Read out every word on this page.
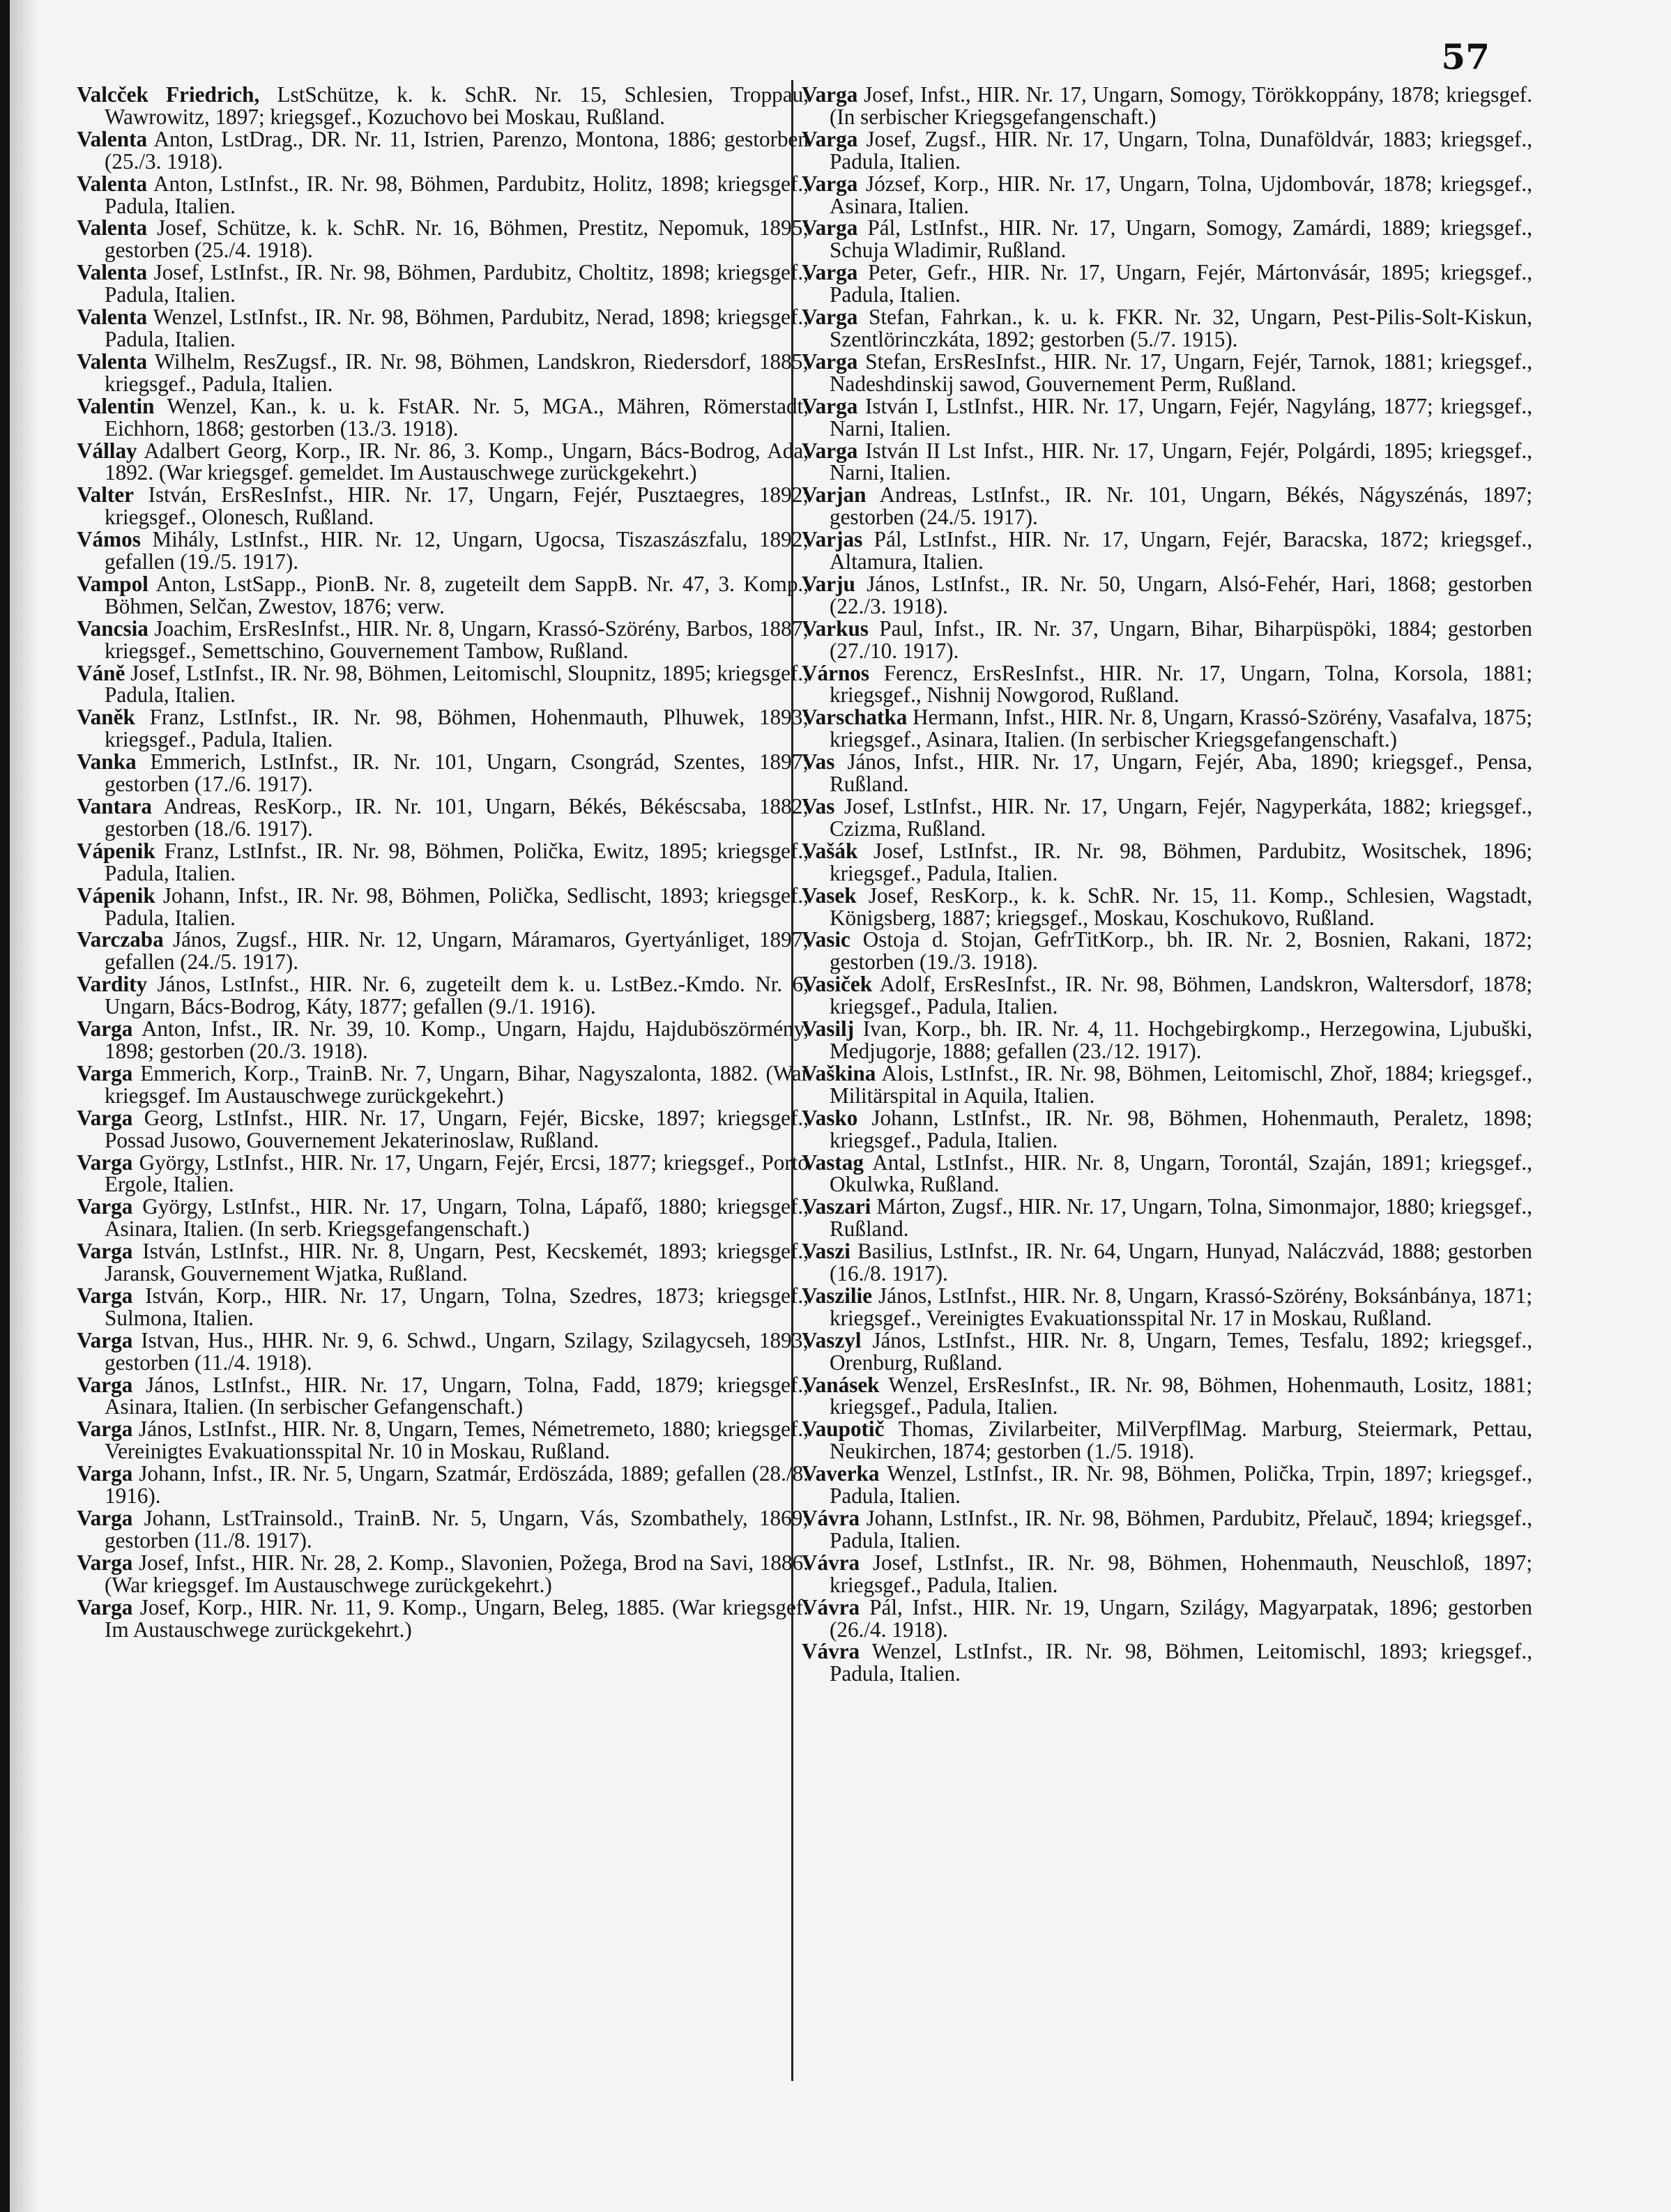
57

Valcček Friedrich, LstSchütze, k. k. SchR. Nr. 15, Schlesien, Troppau, Wawrowitz, 1897; kriegsgef., Kozuchovo bei Moskau, Rußland.

Valenta Anton, LstDrag., DR. Nr. 11, Istrien, Parenzo, Montona, 1886; gestorben (25./3. 1918).

Valenta Anton, LstInfst., IR. Nr. 98, Böhmen, Pardubitz, Holitz, 1898; kriegsgef., Padula, Italien.

Valenta Josef, Schütze, k. k. SchR. Nr. 16, Böhmen, Prestitz, Nepomuk, 1895; gestorben (25./4. 1918).

Valenta Josef, LstInfst., IR. Nr. 98, Böhmen, Pardubitz, Choltitz, 1898; kriegsgef., Padula, Italien.

Valenta Wenzel, LstInfst., IR. Nr. 98, Böhmen, Pardubitz, Nerad, 1898; kriegsgef., Padula, Italien.

Valenta Wilhelm, ResZugsf., IR. Nr. 98, Böhmen, Landskron, Riedersdorf, 1885; kriegsgef., Padula, Italien.

Valentin Wenzel, Kan., k. u. k. FstAR. Nr. 5, MGA., Mähren, Römerstadt, Eichhorn, 1868; gestorben (13./3. 1918).

Vállay Adalbert Georg, Korp., IR. Nr. 86, 3. Komp., Ungarn, Bács-Bodrog, Ada, 1892. (War kriegsgef. gemeldet. Im Austauschwege zurückgekehrt.)

Valter István, ErsResInfst., HIR. Nr. 17, Ungarn, Fejér, Pusztaegres, 1892; kriegsgef., Olonesch, Rußland.

Vámos Mihály, LstInfst., HIR. Nr. 12, Ungarn, Ugocsa, Tiszaszászfalu, 1892; gefallen (19./5. 1917).

Vampol Anton, LstSapp., PionB. Nr. 8, zugeteilt dem SappB. Nr. 47, 3. Komp., Böhmen, Selčan, Zwestov, 1876; verw.

Vancsia Joachim, ErsResInfst., HIR. Nr. 8, Ungarn, Krassó-Szörény, Barbos, 1887; kriegsgef., Semettschino, Gouvernement Tambow, Rußland.

Váně Josef, LstInfst., IR. Nr. 98, Böhmen, Leitomischl, Sloupnitz, 1895; kriegsgef., Padula, Italien.

Vaněk Franz, LstInfst., IR. Nr. 98, Böhmen, Hohenmauth, Plhuwek, 1893; kriegsgef., Padula, Italien.

Vanka Emmerich, LstInfst., IR. Nr. 101, Ungarn, Csongrád, Szentes, 1897; gestorben (17./6. 1917).

Vantara Andreas, ResKorp., IR. Nr. 101, Ungarn, Békés, Békéscsaba, 1882; gestorben (18./6. 1917).

Vápenik Franz, LstInfst., IR. Nr. 98, Böhmen, Polička, Ewitz, 1895; kriegsgef., Padula, Italien.

Vápenik Johann, Infst., IR. Nr. 98, Böhmen, Polička, Sedlischt, 1893; kriegsgef., Padula, Italien.

Varczaba János, Zugsf., HIR. Nr. 12, Ungarn, Máramaros, Gyertyánliget, 1897; gefallen (24./5. 1917).

Vardity János, LstInfst., HIR. Nr. 6, zugeteilt dem k. u. LstBez.-Kmdo. Nr. 6, Ungarn, Bács-Bodrog, Káty, 1877; gefallen (9./1. 1916).

Varga Anton, Infst., IR. Nr. 39, 10. Komp., Ungarn, Hajdu, Hajduböszörmény, 1898; gestorben (20./3. 1918).

Varga Emmerich, Korp., TrainB. Nr. 7, Ungarn, Bihar, Nagyszalonta, 1882. (War kriegsgef. Im Austauschwege zurückgekehrt.)

Varga Georg, LstInfst., HIR. Nr. 17, Ungarn, Fejér, Bicske, 1897; kriegsgef., Possad Jusowo, Gouvernement Jekaterinoslaw, Rußland.

Varga György, LstInfst., HIR. Nr. 17, Ungarn, Fejér, Ercsi, 1877; kriegsgef., Porto Ergole, Italien.

Varga György, LstInfst., HIR. Nr. 17, Ungarn, Tolna, Lápafő, 1880; kriegsgef., Asinara, Italien. (In serb. Kriegsgefangenschaft.)

Varga István, LstInfst., HIR. Nr. 8, Ungarn, Pest, Kecskemét, 1893; kriegsgef., Jaransk, Gouvernement Wjatka, Rußland.

Varga István, Korp., HIR. Nr. 17, Ungarn, Tolna, Szedres, 1873; kriegsgef., Sulmona, Italien.

Varga Istvan, Hus., HHR. Nr. 9, 6. Schwd., Ungarn, Szilagy, Szilagycseh, 1893; gestorben (11./4. 1918).

Varga János, LstInfst., HIR. Nr. 17, Ungarn, Tolna, Fadd, 1879; kriegsgef., Asinara, Italien. (In serbischer Gefangenschaft.)

Varga János, LstInfst., HIR. Nr. 8, Ungarn, Temes, Németremeto, 1880; kriegsgef., Vereinigtes Evakuationsspital Nr. 10 in Moskau, Rußland.

Varga Johann, Infst., IR. Nr. 5, Ungarn, Szatmár, Erdöszáda, 1889; gefallen (28./8. 1916).

Varga Johann, LstTrainsold., TrainB. Nr. 5, Ungarn, Vás, Szombathely, 1869; gestorben (11./8. 1917).

Varga Josef, Infst., HIR. Nr. 28, 2. Komp., Slavonien, Požega, Brod na Savi, 1886. (War kriegsgef. Im Austauschwege zurückgekehrt.)

Varga Josef, Korp., HIR. Nr. 11, 9. Komp., Ungarn, Beleg, 1885. (War kriegsgef. Im Austauschwege zurückgekehrt.)

Varga Josef, Infst., HIR. Nr. 17, Ungarn, Somogy, Törökkoppány, 1878; kriegsgef. (In serbischer Kriegsgefangenschaft.)

Varga Josef, Zugsf., HIR. Nr. 17, Ungarn, Tolna, Dunaföldvár, 1883; kriegsgef., Padula, Italien.

Varga József, Korp., HIR. Nr. 17, Ungarn, Tolna, Ujdombovár, 1878; kriegsgef., Asinara, Italien.

Varga Pál, LstInfst., HIR. Nr. 17, Ungarn, Somogy, Zamárdi, 1889; kriegsgef., Schuja Wladimir, Rußland.

Varga Peter, Gefr., HIR. Nr. 17, Ungarn, Fejér, Mártonvásár, 1895; kriegsgef., Padula, Italien.

Varga Stefan, Fahrkan., k. u. k. FKR. Nr. 32, Ungarn, Pest-Pilis-Solt-Kiskun, Szentlörinczkáta, 1892; gestorben (5./7. 1915).

Varga Stefan, ErsResInfst., HIR. Nr. 17, Ungarn, Fejér, Tarnok, 1881; kriegsgef., Nadeshdinskij sawod, Gouvernement Perm, Rußland.

Varga István I, LstInfst., HIR. Nr. 17, Ungarn, Fejér, Nagyláng, 1877; kriegsgef., Narni, Italien.

Varga István II Lst Infst., HIR. Nr. 17, Ungarn, Fejér, Polgárdi, 1895; kriegsgef., Narni, Italien.

Varjan Andreas, LstInfst., IR. Nr. 101, Ungarn, Békés, Nágyszénás, 1897; gestorben (24./5. 1917).

Varjas Pál, LstInfst., HIR. Nr. 17, Ungarn, Fejér, Baracska, 1872; kriegsgef., Altamura, Italien.

Varju János, LstInfst., IR. Nr. 50, Ungarn, Alsó-Fehér, Hari, 1868; gestorben (22./3. 1918).

Varkus Paul, Infst., IR. Nr. 37, Ungarn, Bihar, Biharpüspöki, 1884; gestorben (27./10. 1917).

Várnos Ferencz, ErsResInfst., HIR. Nr. 17, Ungarn, Tolna, Korsola, 1881; kriegsgef., Nishnij Nowgorod, Rußland.

Varschatka Hermann, Infst., HIR. Nr. 8, Ungarn, Krassó-Szörény, Vasafalva, 1875; kriegsgef., Asinara, Italien. (In serbischer Kriegsgefangenschaft.)

Vas János, Infst., HIR. Nr. 17, Ungarn, Fejér, Aba, 1890; kriegsgef., Pensa, Rußland.

Vas Josef, LstInfst., HIR. Nr. 17, Ungarn, Fejér, Nagyperkáta, 1882; kriegsgef., Czizma, Rußland.

Vašák Josef, LstInfst., IR. Nr. 98, Böhmen, Pardubitz, Wositschek, 1896; kriegsgef., Padula, Italien.

Vasek Josef, ResKorp., k. k. SchR. Nr. 15, 11. Komp., Schlesien, Wagstadt, Königsberg, 1887; kriegsgef., Moskau, Koschukovo, Rußland.

Vasic Ostoja d. Stojan, GefrTitKorp., bh. IR. Nr. 2, Bosnien, Rakani, 1872; gestorben (19./3. 1918).

Vasiček Adolf, ErsResInfst., IR. Nr. 98, Böhmen, Landskron, Waltersdorf, 1878; kriegsgef., Padula, Italien.

Vasilj Ivan, Korp., bh. IR. Nr. 4, 11. Hochgebirgkomp., Herzegowina, Ljubuški, Medjugorje, 1888; gefallen (23./12. 1917).

Vaškina Alois, LstInfst., IR. Nr. 98, Böhmen, Leitomischl, Zhoř, 1884; kriegsgef., Militärspital in Aquila, Italien.

Vasko Johann, LstInfst., IR. Nr. 98, Böhmen, Hohenmauth, Peraletz, 1898; kriegsgef., Padula, Italien.

Vastag Antal, LstInfst., HIR. Nr. 8, Ungarn, Torontál, Szaján, 1891; kriegsgef., Okulwka, Rußland.

Vaszari Márton, Zugsf., HIR. Nr. 17, Ungarn, Tolna, Simonmajor, 1880; kriegsgef., Rußland.

Vaszi Basilius, LstInfst., IR. Nr. 64, Ungarn, Hunyad, Naláczvád, 1888; gestorben (16./8. 1917).

Vaszilie János, LstInfst., HIR. Nr. 8, Ungarn, Krassó-Szörény, Boksánbánya, 1871; kriegsgef., Vereinigtes Evakuationsspital Nr. 17 in Moskau, Rußland.

Vaszyl János, LstInfst., HIR. Nr. 8, Ungarn, Temes, Tesfalu, 1892; kriegsgef., Orenburg, Rußland.

Vanásek Wenzel, ErsResInfst., IR. Nr. 98, Böhmen, Hohenmauth, Lositz, 1881; kriegsgef., Padula, Italien.

Vaupotič Thomas, Zivilarbeiter, MilVerpflMag. Marburg, Steiermark, Pettau, Neukirchen, 1874; gestorben (1./5. 1918).

Vaverka Wenzel, LstInfst., IR. Nr. 98, Böhmen, Polička, Trpin, 1897; kriegsgef., Padula, Italien.

Vávra Johann, LstInfst., IR. Nr. 98, Böhmen, Pardubitz, Přelauč, 1894; kriegsgef., Padula, Italien.

Vávra Josef, LstInfst., IR. Nr. 98, Böhmen, Hohenmauth, Neuschloß, 1897; kriegsgef., Padula, Italien.

Vávra Pál, Infst., HIR. Nr. 19, Ungarn, Szilágy, Magyarpatak, 1896; gestorben (26./4. 1918).

Vávra Wenzel, LstInfst., IR. Nr. 98, Böhmen, Leitomischl, 1893; kriegsgef., Padula, Italien.
